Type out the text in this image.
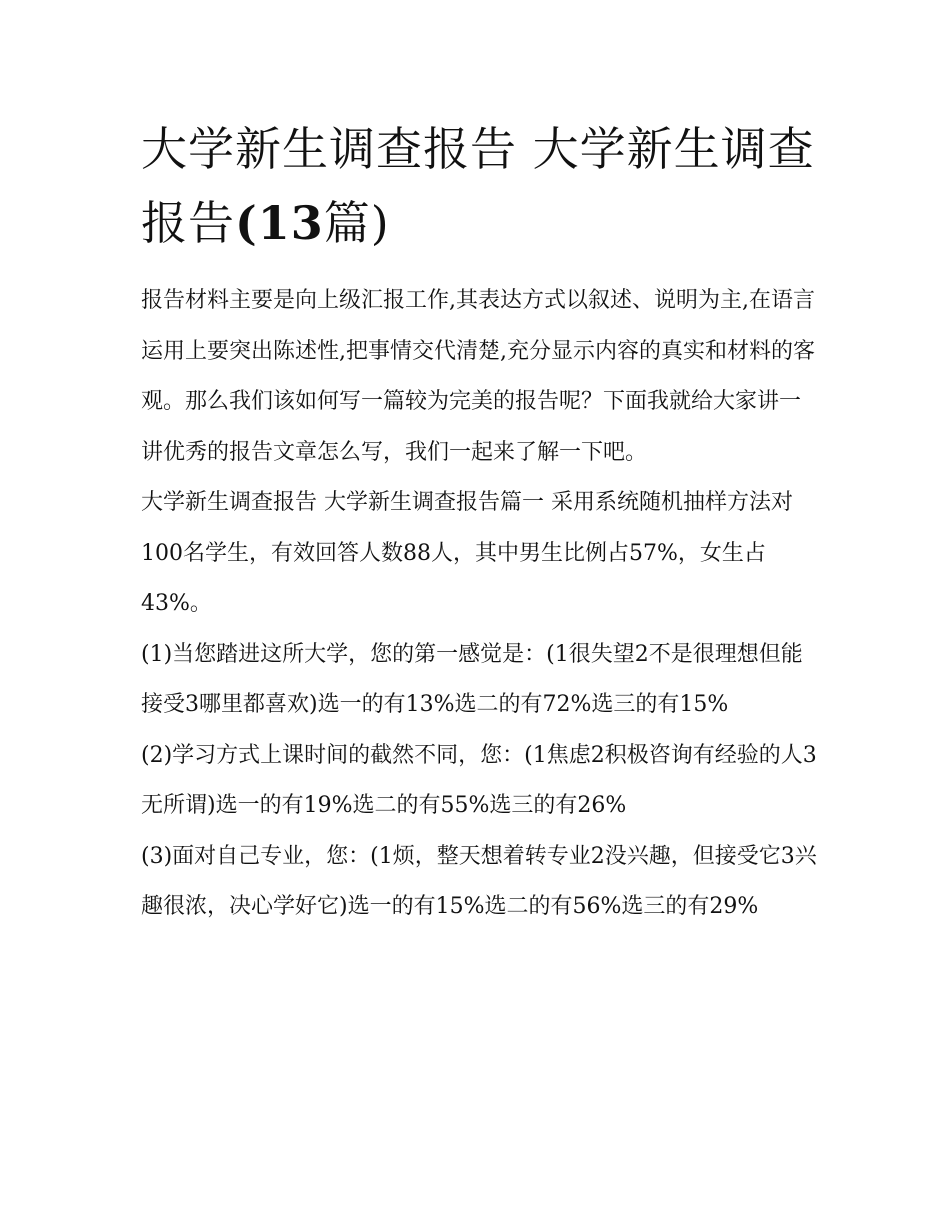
大学新生调查报告 大学新生调查报告(13篇)

报告材料主要是向上级汇报工作,其表达方式以叙述、说明为主,在语言运用上要突出陈述性,把事情交代清楚,充分显示内容的真实和材料的客观。那么我们该如何写一篇较为完美的报告呢？下面我就给大家讲一讲优秀的报告文章怎么写，我们一起来了解一下吧。

大学新生调查报告 大学新生调查报告篇一 采用系统随机抽样方法对100名学生，有效回答人数88人，其中男生比例占57%，女生占43%。

(1)当您踏进这所大学，您的第一感觉是：(1很失望2不是很理想但能接受3哪里都喜欢)选一的有13%选二的有72%选三的有15%

(2)学习方式上课时间的截然不同，您：(1焦虑2积极咨询有经验的人3无所谓)选一的有19%选二的有55%选三的有26%

(3)面对自己专业，您：(1烦，整天想着转专业2没兴趣，但接受它3兴趣很浓，决心学好它)选一的有15%选二的有56%选三的有29%
